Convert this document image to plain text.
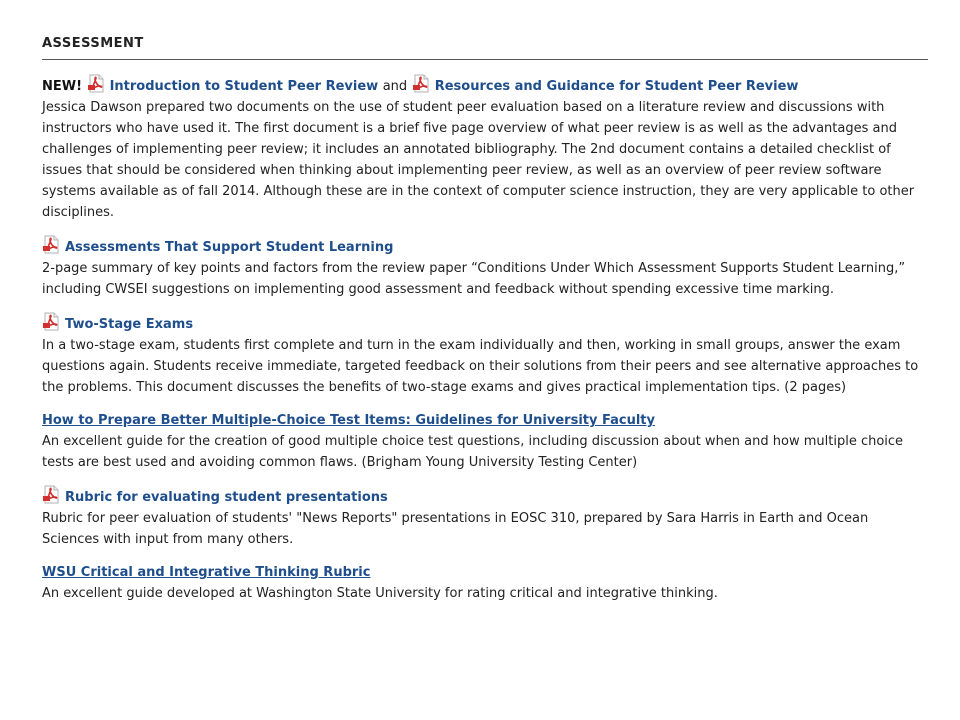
ASSESSMENT
NEW! Introduction to Student Peer Review and Resources and Guidance for Student Peer Review
Jessica Dawson prepared two documents on the use of student peer evaluation based on a literature review and discussions with instructors who have used it. The first document is a brief five page overview of what peer review is as well as the advantages and challenges of implementing peer review; it includes an annotated bibliography. The 2nd document contains a detailed checklist of issues that should be considered when thinking about implementing peer review, as well as an overview of peer review software systems available as of fall 2014. Although these are in the context of computer science instruction, they are very applicable to other disciplines.
Assessments That Support Student Learning
2-page summary of key points and factors from the review paper “Conditions Under Which Assessment Supports Student Learning,” including CWSEI suggestions on implementing good assessment and feedback without spending excessive time marking.
Two-Stage Exams
In a two-stage exam, students first complete and turn in the exam individually and then, working in small groups, answer the exam questions again. Students receive immediate, targeted feedback on their solutions from their peers and see alternative approaches to the problems. This document discusses the benefits of two-stage exams and gives practical implementation tips. (2 pages)
How to Prepare Better Multiple-Choice Test Items: Guidelines for University Faculty
An excellent guide for the creation of good multiple choice test questions, including discussion about when and how multiple choice tests are best used and avoiding common flaws. (Brigham Young University Testing Center)
Rubric for evaluating student presentations
Rubric for peer evaluation of students' "News Reports" presentations in EOSC 310, prepared by Sara Harris in Earth and Ocean Sciences with input from many others.
WSU Critical and Integrative Thinking Rubric
An excellent guide developed at Washington State University for rating critical and integrative thinking.
